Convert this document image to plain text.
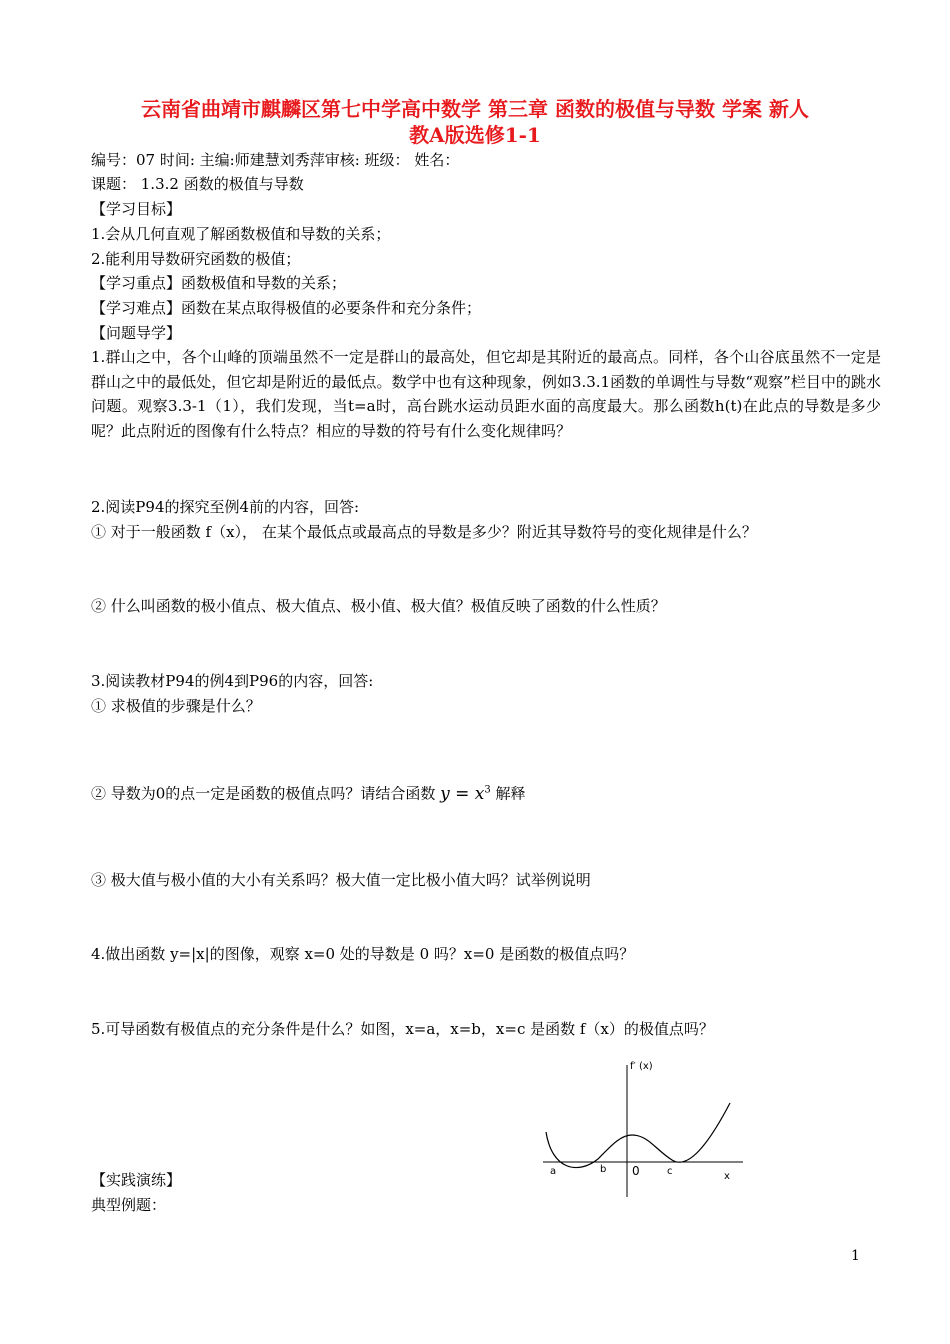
云南省曲靖市麒麟区第七中学高中数学 第三章 函数的极值与导数 学案 新人
教A版选修1-1
编号：07 时间: 主编:师建慧刘秀萍审核: 班级： 姓名：
课题： 1.3.2 函数的极值与导数
【学习目标】
1.会从几何直观了解函数极值和导数的关系；
2.能利用导数研究函数的极值；
【学习重点】函数极值和导数的关系；
【学习难点】函数在某点取得极值的必要条件和充分条件；
【问题导学】
1.群山之中，各个山峰的顶端虽然不一定是群山的最高处，但它却是其附近的最高点。同样，各个山谷底虽然不一定是群山之中的最低处，但它却是附近的最低点。数学中也有这种现象，例如3.3.1函数的单调性与导数“观察”栏目中的跳水问题。观察3.3-1（1），我们发现，当t=a时，高台跳水运动员距水面的高度最大。那么函数h(t)在此点的导数是多少呢？此点附近的图像有什么特点？相应的导数的符号有什么变化规律吗？
2.阅读P94的探究至例4前的内容，回答:
① 对于一般函数 f（x）， 在某个最低点或最高点的导数是多少？附近其导数符号的变化规律是什么？
② 什么叫函数的极小值点、极大值点、极小值、极大值？极值反映了函数的什么性质？
3.阅读教材P94的例4到P96的内容，回答:
① 求极值的步骤是什么？
② 导数为0的点一定是函数的极值点吗？请结合函数 $y = x^3$ 解释
③ 极大值与极小值的大小有关系吗？极大值一定比极小值大吗？试举例说明
4.做出函数 y=|x|的图像，观察 x=0 处的导数是 0 吗？x=0 是函数的极值点吗？
5.可导函数有极值点的充分条件是什么？如图，x=a，x=b，x=c 是函数 f（x）的极值点吗？
f′ (x)
x
0
a	b	c
【实践演练】
典型例题：
1
